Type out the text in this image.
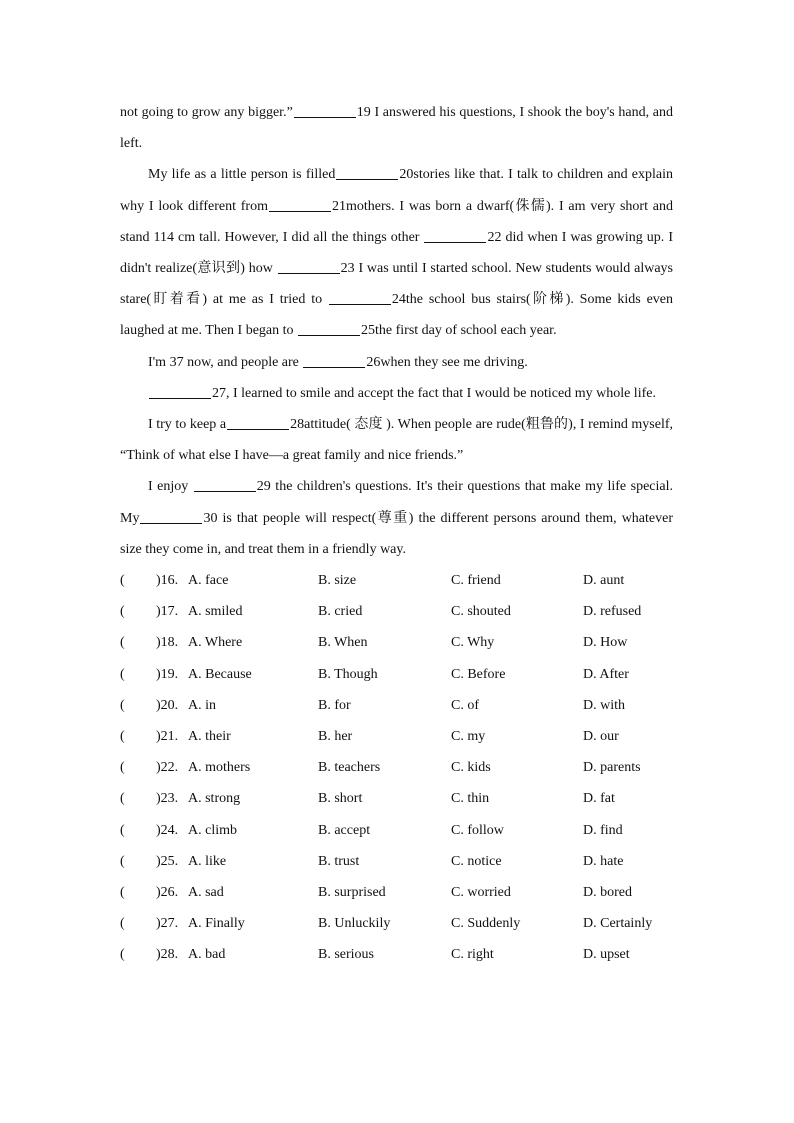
not going to grow any bigger.”	19 I answered his questions, I shook the boy's hand, and left.

My life as a little person is filled	20stories like that. I talk to children and explain why I look different from	21mothers. I was born a dwarf(侏儒). I am very short and stand 114 cm tall. However, I did all the things other	22 did when I was growing up. I didn't realize(意识到) how	23 I was until I started school. New students would always stare(盯着看) at me as I tried to	24the school bus stairs(阶梯). Some kids even laughed at me. Then I began to	25the first day of school each year.

I'm 37 now, and people are	26when they see me driving.

27, I learned to smile and accept the fact that I would be noticed my whole life.

I try to keep a	28attitude( 态度 ). When people are rude(粗鲁的), I remind myself, “Think of what else I have—a great family and nice friends.”

I enjoy	29 the children's questions. It's their questions that make my life special. My	30 is that people will respect(尊重) the different persons around them, whatever size they come in, and treat them in a friendly way.

( )16. A. face	B. size	C. friend	D. aunt
( )17. A. smiled	B. cried	C. shouted	D. refused
( )18. A. Where	B. When	C. Why	D. How
( )19. A. Because	B. Though	C. Before	D. After
( )20. A. in	B. for	C. of	D. with
( )21. A. their	B. her	C. my	D. our
( )22. A. mothers	B. teachers	C. kids	D. parents
( )23. A. strong	B. short	C. thin	D. fat
( )24. A. climb	B. accept	C. follow	D. find
( )25. A. like	B. trust	C. notice	D. hate
( )26. A. sad	B. surprised	C. worried	D. bored
( )27. A. Finally	B. Unluckily	C. Suddenly	D. Certainly
( )28. A. bad	B. serious	C. right	D. upset
